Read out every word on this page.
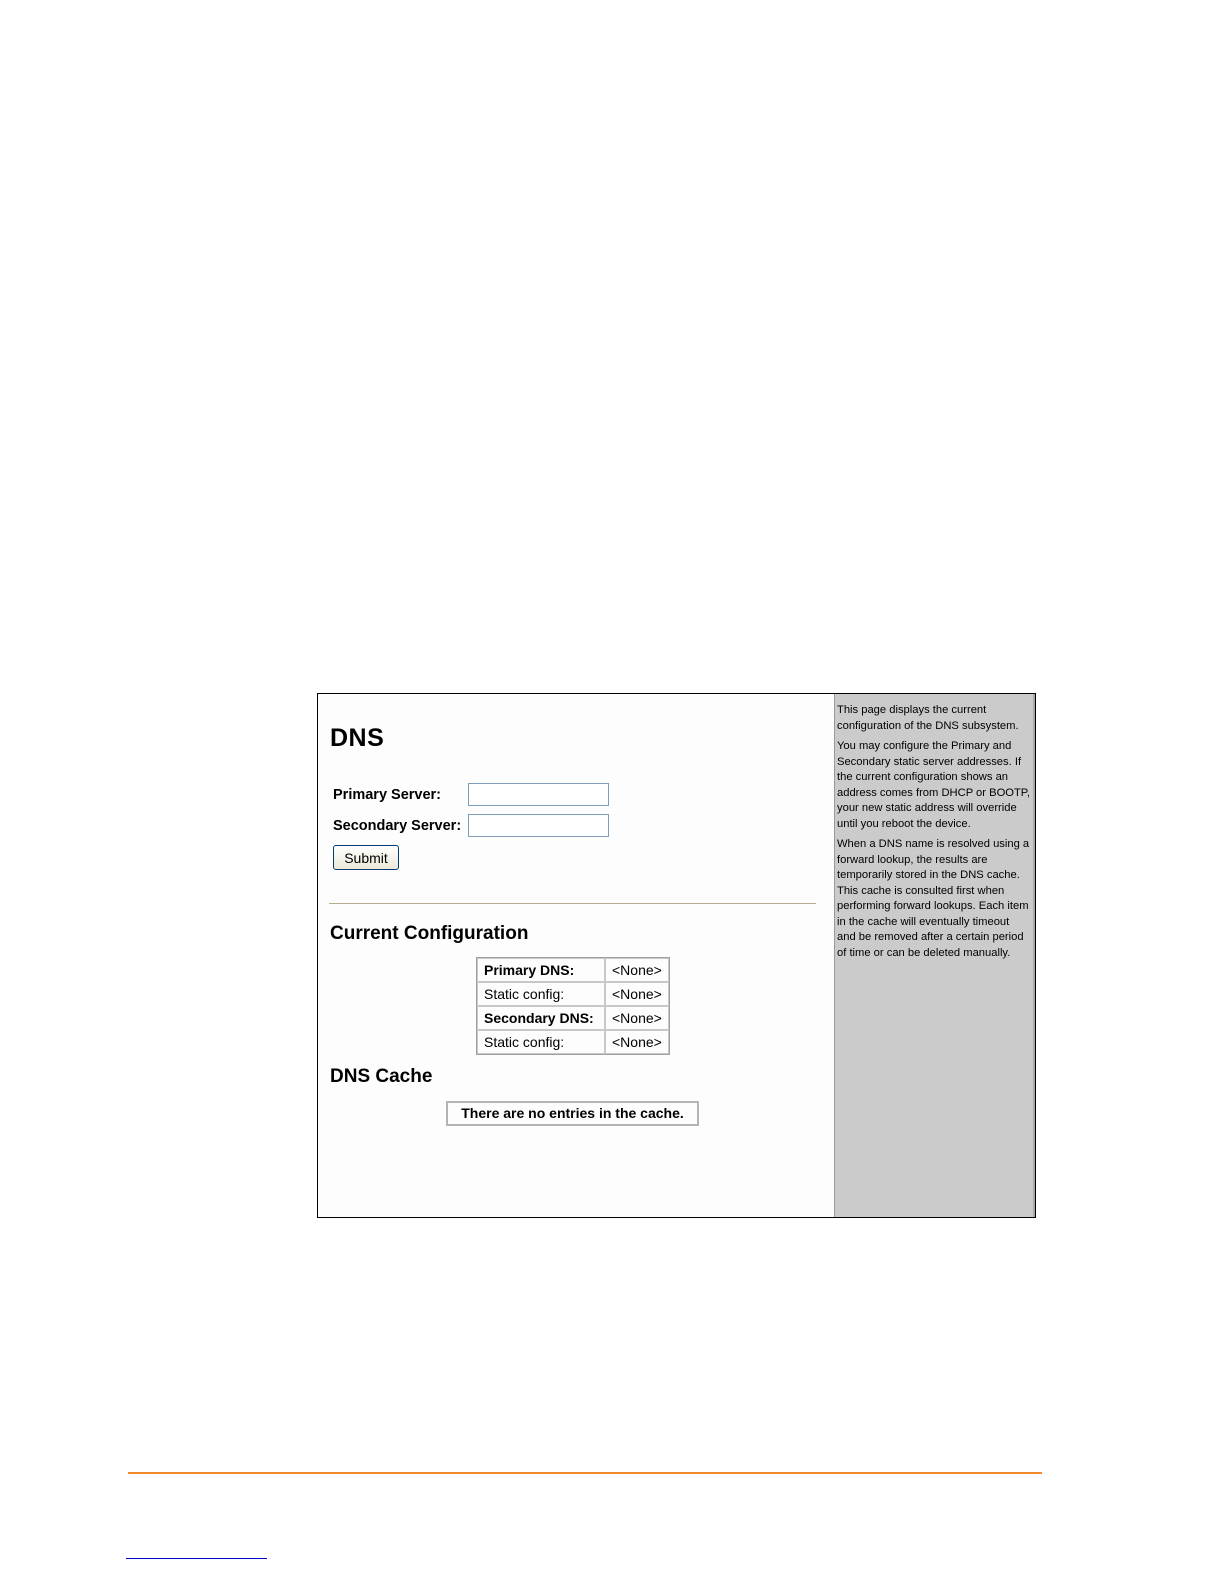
DNS
Primary Server:
Secondary Server:
Submit
Current Configuration
Primary DNS:	<None>
Static config:	<None>
Secondary DNS:	<None>
Static config:	<None>
DNS Cache
There are no entries in the cache.

This page displays the current configuration of the DNS subsystem.

You may configure the Primary and Secondary static server addresses. If the current configuration shows an address comes from DHCP or BOOTP, your new static address will override until you reboot the device.

When a DNS name is resolved using a forward lookup, the results are temporarily stored in the DNS cache. This cache is consulted first when performing forward lookups. Each item in the cache will eventually timeout and be removed after a certain period of time or can be deleted manually.
